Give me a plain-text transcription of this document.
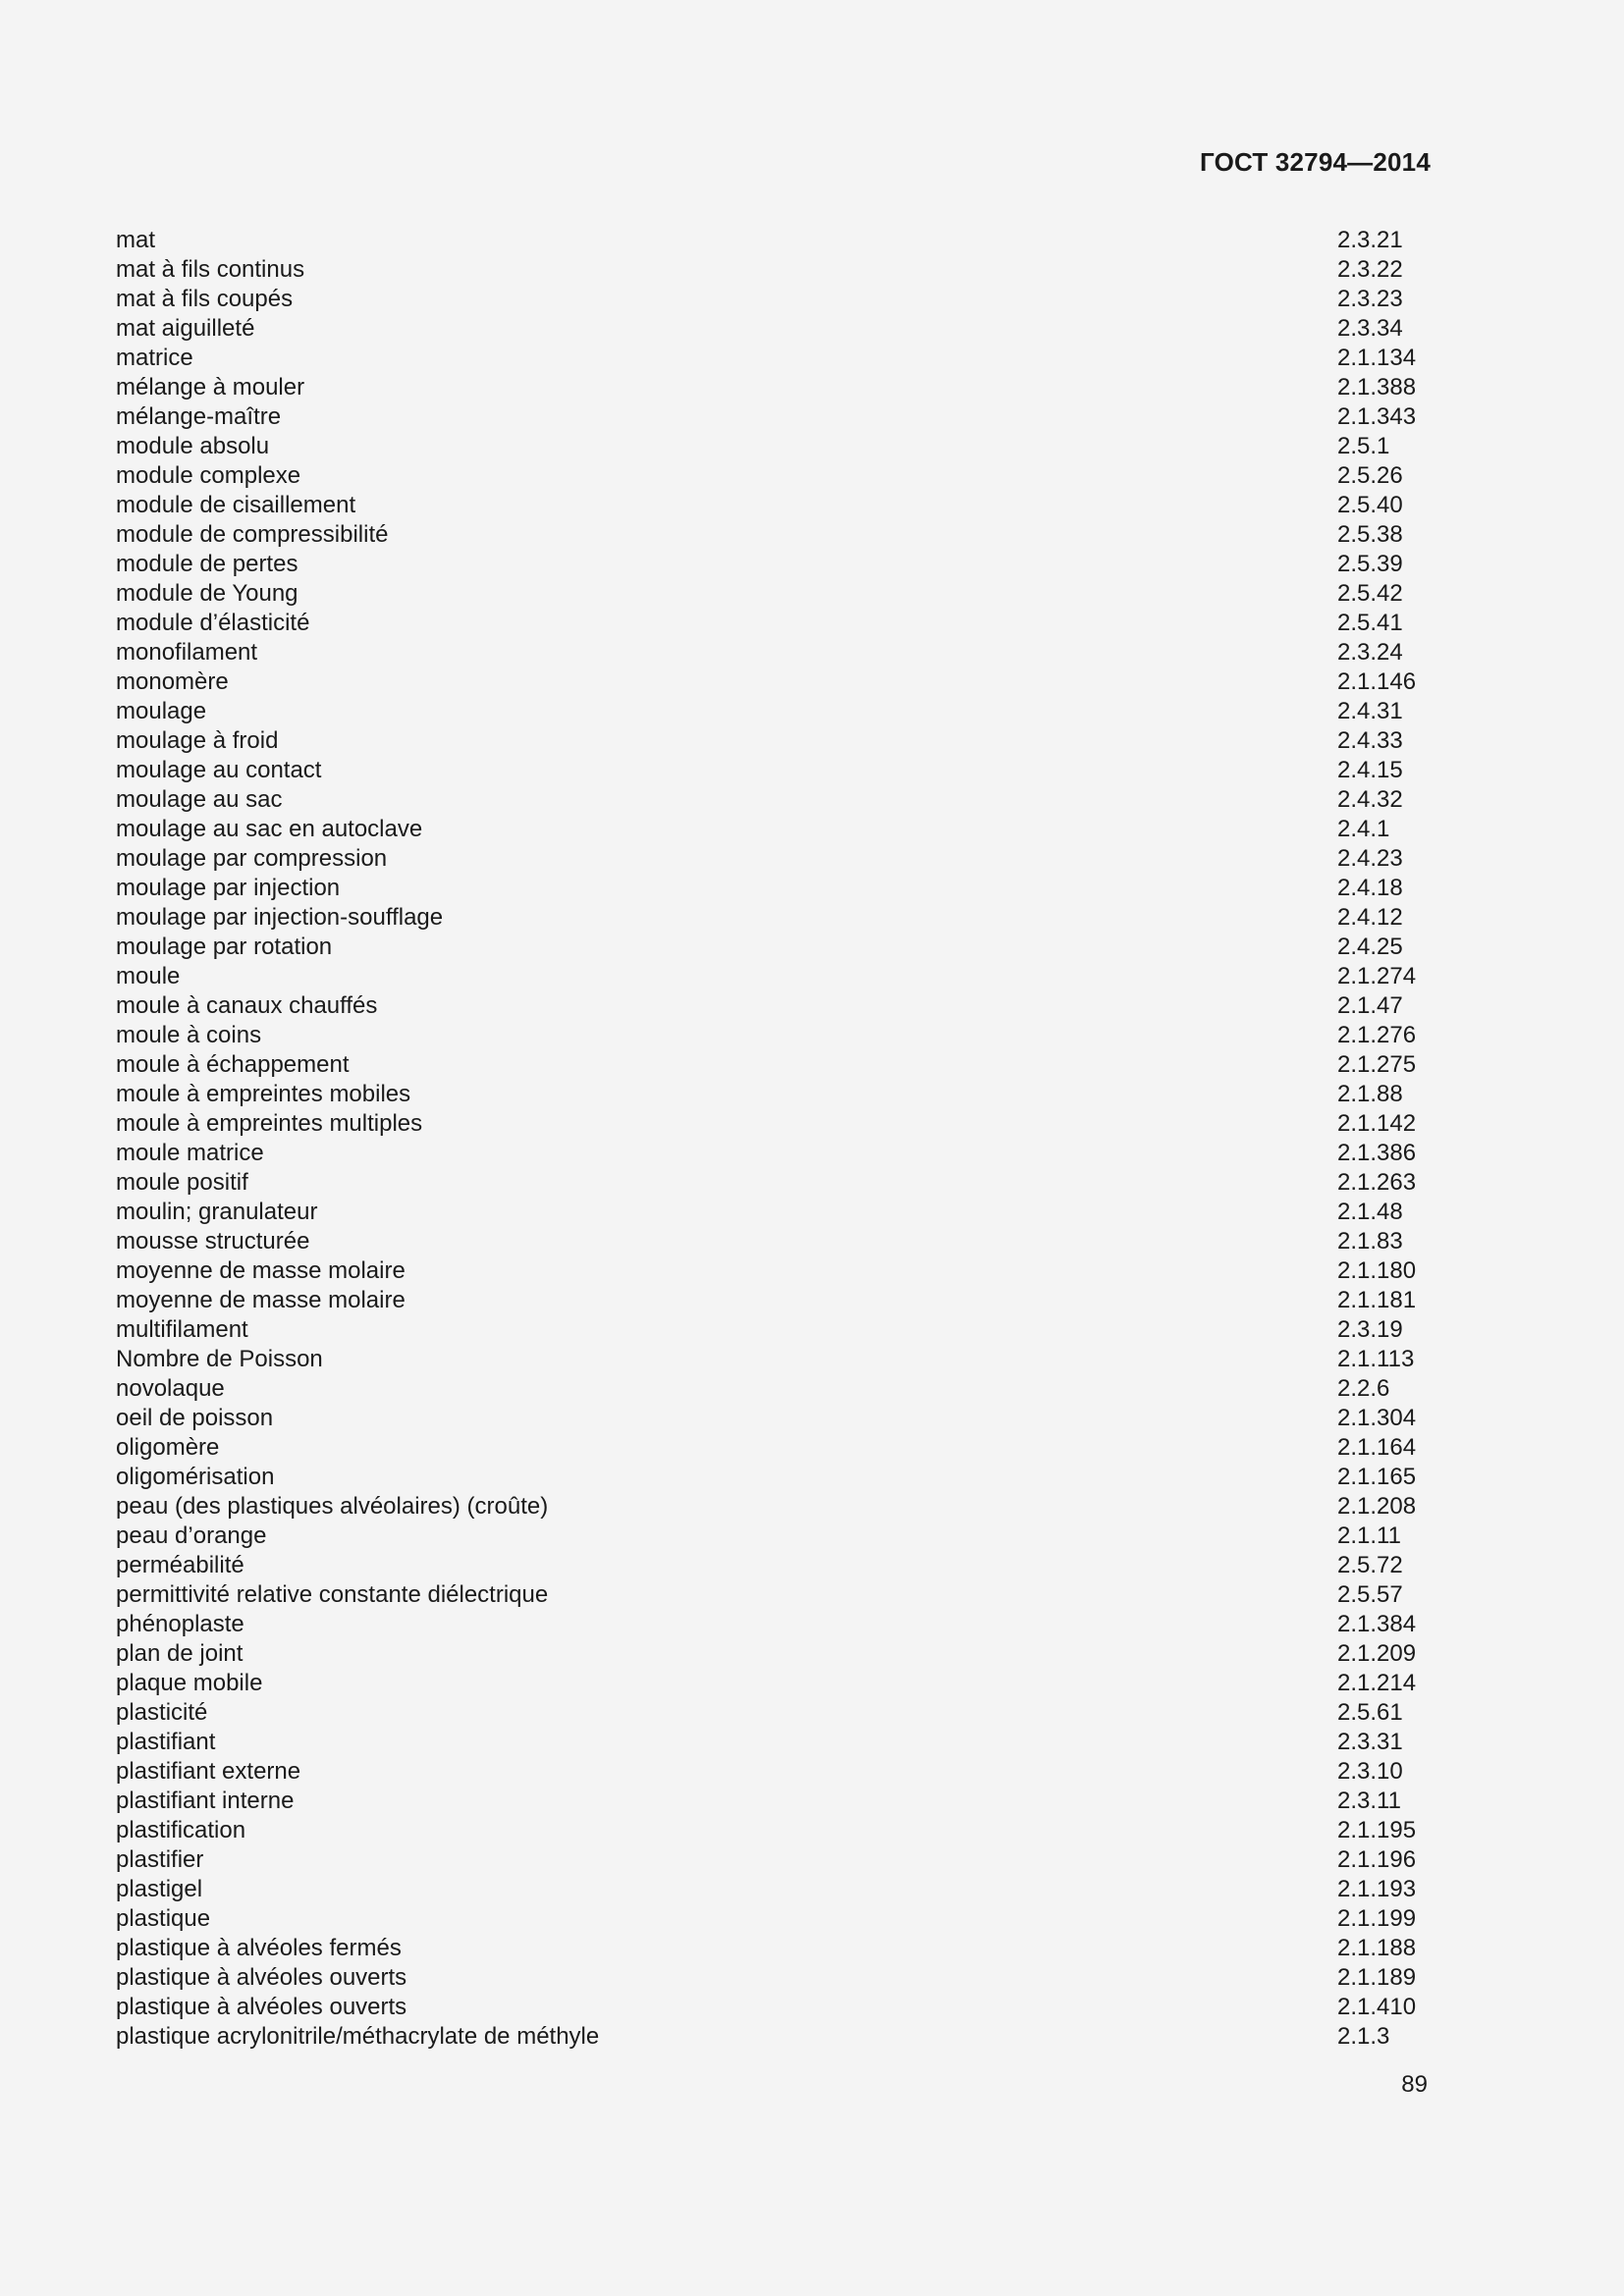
ГОСТ 32794—2014
mat	2.3.21
mat à fils continus	2.3.22
mat à fils coupés	2.3.23
mat aiguilleté	2.3.34
matrice	2.1.134
mélange à mouler	2.1.388
mélange-maître	2.1.343
module absolu	2.5.1
module complexe	2.5.26
module de cisaillement	2.5.40
module de compressibilité	2.5.38
module de pertes	2.5.39
module de Young	2.5.42
module d’élasticité	2.5.41
monofilament	2.3.24
monomère	2.1.146
moulage	2.4.31
moulage à froid	2.4.33
moulage au contact	2.4.15
moulage au sac	2.4.32
moulage au sac en autoclave	2.4.1
moulage par compression	2.4.23
moulage par injection	2.4.18
moulage par injection-soufflage	2.4.12
moulage par rotation	2.4.25
moule	2.1.274
moule à canaux chauffés	2.1.47
moule à coins	2.1.276
moule à échappement	2.1.275
moule à empreintes mobiles	2.1.88
moule à empreintes multiples	2.1.142
moule matrice	2.1.386
moule positif	2.1.263
moulin; granulateur	2.1.48
mousse structurée	2.1.83
moyenne de masse molaire	2.1.180
moyenne de masse molaire	2.1.181
multifilament	2.3.19
Nombre de Poisson	2.1.113
novolaque	2.2.6
oeil de poisson	2.1.304
oligomère	2.1.164
oligomérisation	2.1.165
peau (des plastiques alvéolaires) (croûte)	2.1.208
peau d’orange	2.1.11
perméabilité	2.5.72
permittivité relative constante diélectrique	2.5.57
phénoplaste	2.1.384
plan de joint	2.1.209
plaque mobile	2.1.214
plasticité	2.5.61
plastifiant	2.3.31
plastifiant externe	2.3.10
plastifiant interne	2.3.11
plastification	2.1.195
plastifier	2.1.196
plastigel	2.1.193
plastique	2.1.199
plastique à alvéoles fermés	2.1.188
plastique à alvéoles ouverts	2.1.189
plastique à alvéoles ouverts	2.1.410
plastique acrylonitrile/méthacrylate de méthyle	2.1.3
89
